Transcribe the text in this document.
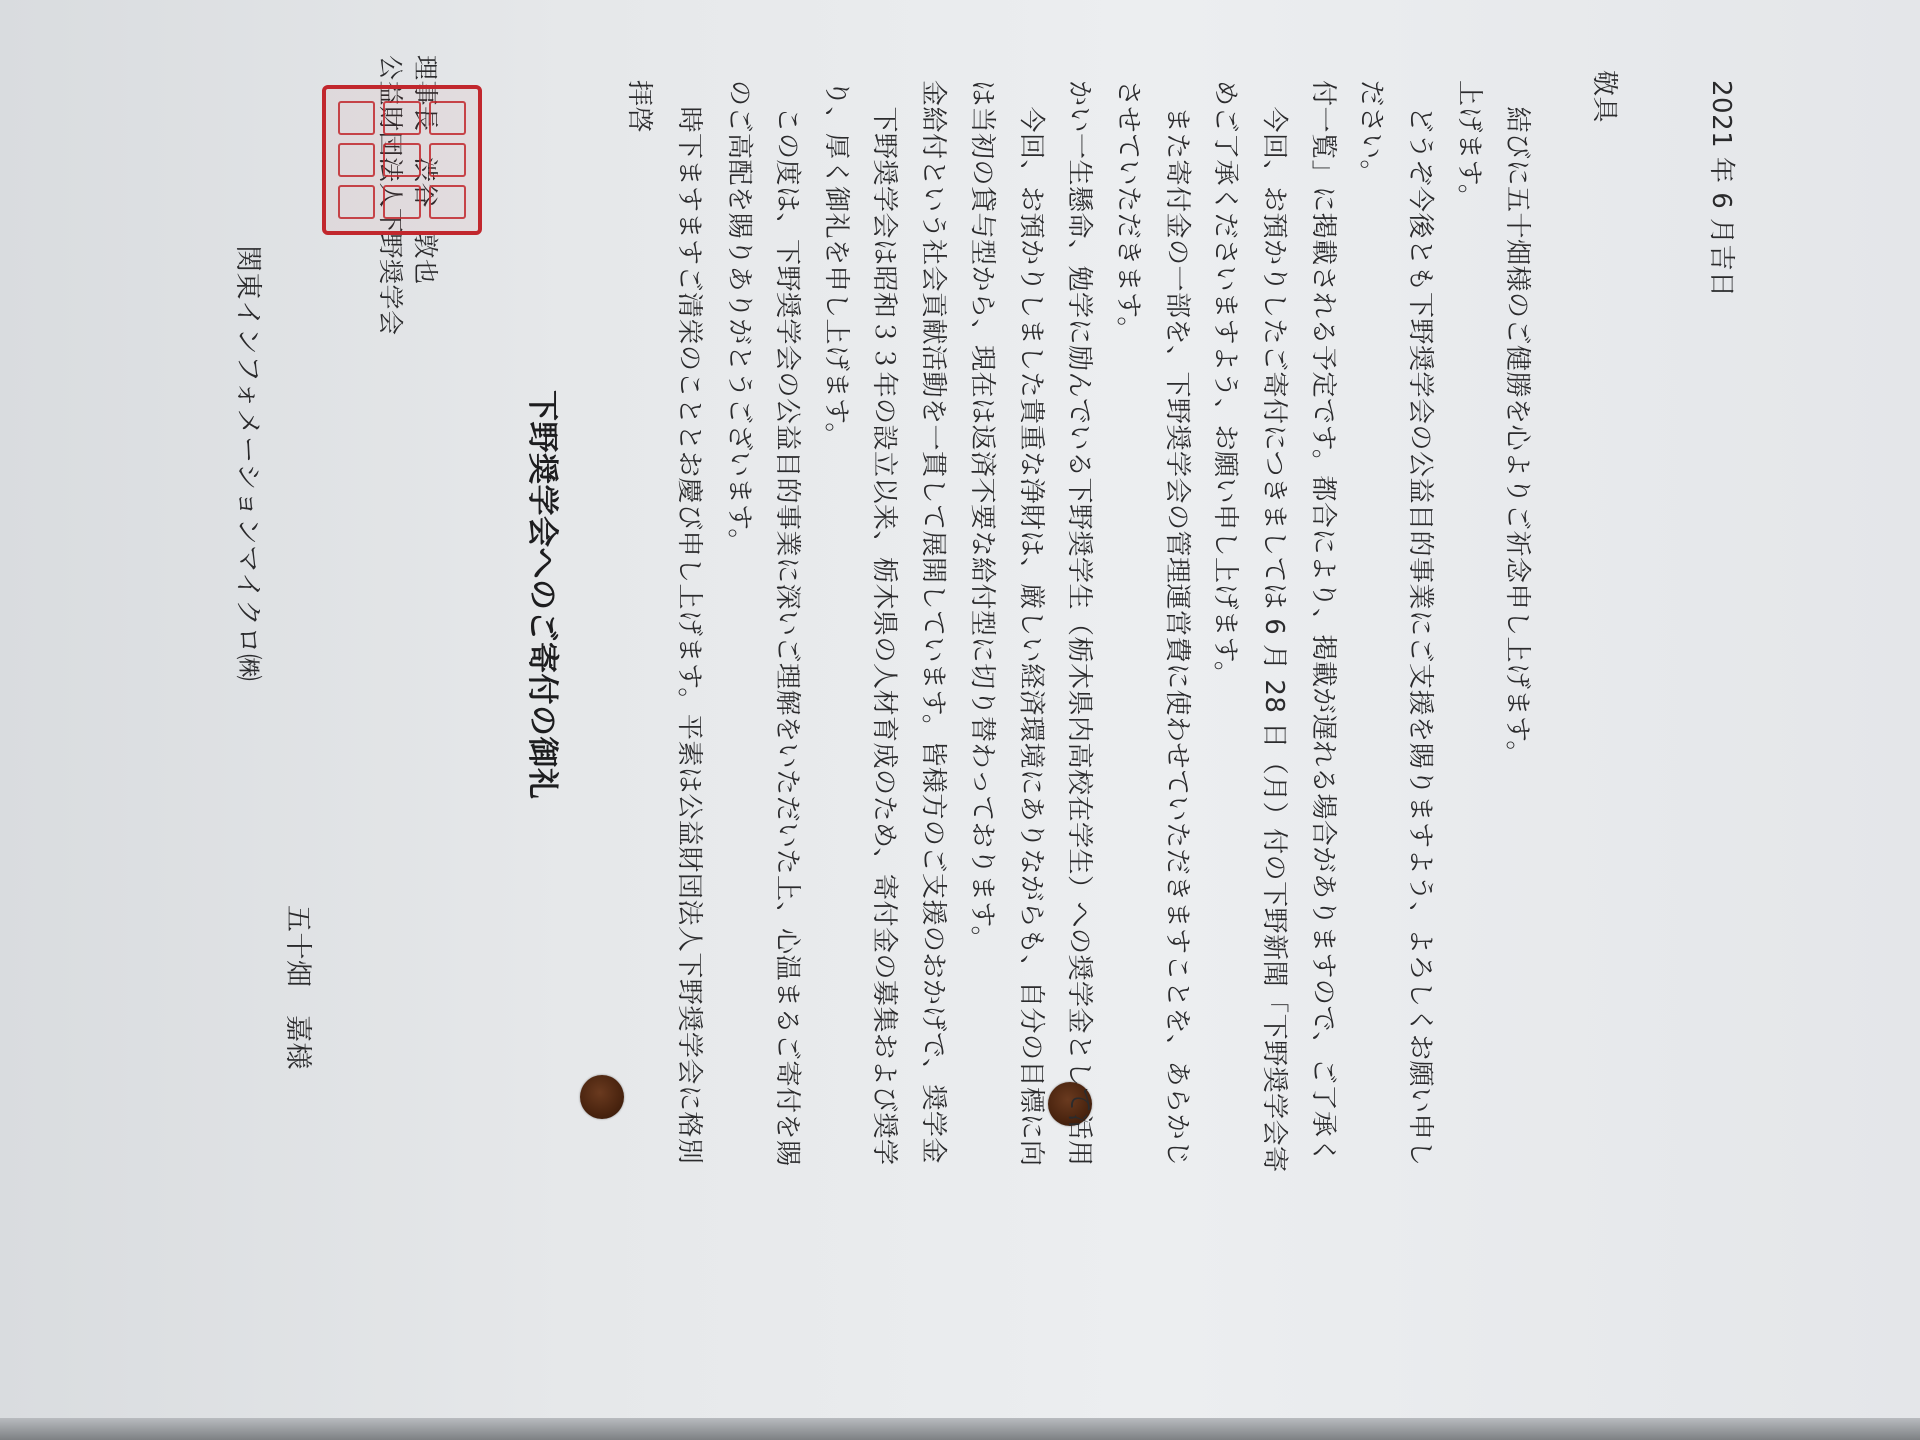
2021 年 6 月吉日
関東インフォメーションマイクロ㈱
五十畑　嘉様
公益財団法人下野奨学会 理事長　渋谷　敦也
下野奨学会へのご寄付の御礼
拝啓 　時下ますますご清栄のこととお慶び申し上げます。平素は公益財団法人下野奨学会に格別 のご高配を賜りありがとうございます。 　この度は、下野奨学会の公益目的事業に深いご理解をいただいた上、心温まるご寄付を賜 り、厚く御礼を申し上げます。 　下野奨学会は昭和３３年の設立以来、栃木県の人材育成のため、寄付金の募集および奨学 金給付という社会貢献活動を一貫して展開しています。皆様方のご支援のおかげで、奨学金 は当初の貸与型から、現在は返済不要な給付型に切り替わっております。 　今回、お預かりしました貴重な浄財は、厳しい経済環境にありながらも、自分の目標に向 かい一生懸命、勉学に励んでいる下野奨学生（栃木県内高校在学生）への奨学金として活用 させていただきます。 　また寄付金の一部を、下野奨学会の管理運営費に使わせていただきますことを、あらかじ めご了承くださいますよう、お願い申し上げます。 　今回、お預かりしたご寄付につきましては 6 月 28 日（月）付の下野新聞「下野奨学会寄 付一覧」に掲載される予定です。都合により、掲載が遅れる場合がありますので、ご了承く ださい。 　どうぞ今後とも下野奨学会の公益目的事業にご支援を賜りますよう、よろしくお願い申し 上げます。 　結びに五十畑様のご健勝を心よりご祈念申し上げます。 敬具
